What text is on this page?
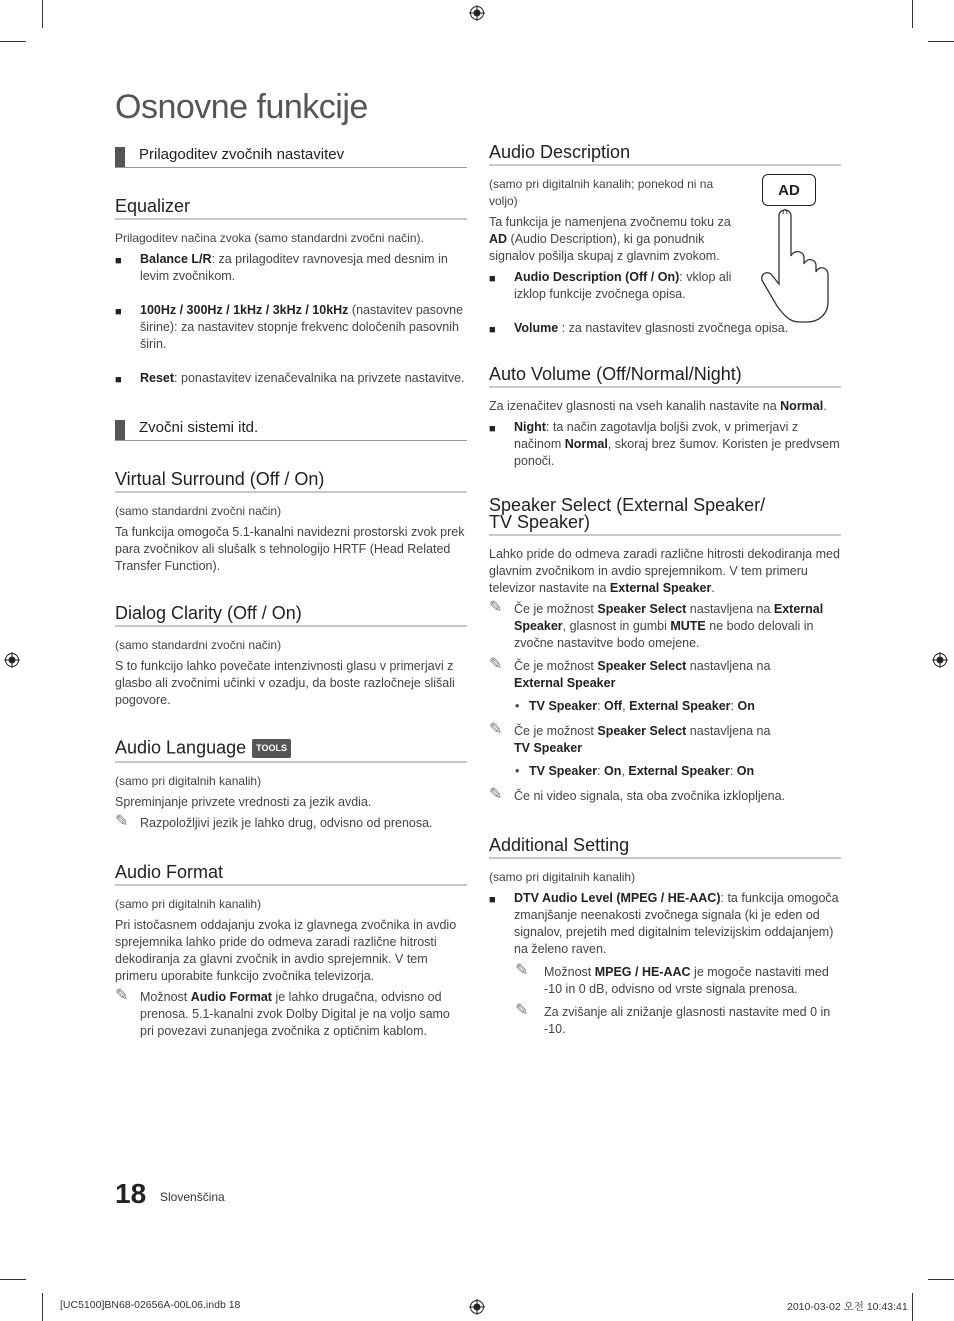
Osnovne funkcije
Prilagoditev zvočnih nastavitev
Equalizer

Prilagoditev načina zvoka (samo standardni zvočni način).

■ Balance L/R: za prilagoditev ravnovesja med desnim in levim zvočnikom.

■ 100Hz / 300Hz / 1kHz / 3kHz / 10kHz (nastavitev pasovne širine): za nastavitev stopnje frekvenc določenih pasovnih širin.

■ Reset: ponastavitev izenačevalnika na privzete nastavitve.

Zvočni sistemi itd.
Virtual Surround (Off / On)

(samo standardni zvočni način)

Ta funkcija omogoča 5.1-kanalni navidezni prostorski zvok prek para zvočnikov ali slušalk s tehnologijo HRTF (Head Related Transfer Function).

Dialog Clarity (Off / On)

(samo standardni zvočni način)

S to funkcijo lahko povečate intenzivnosti glasu v primerjavi z glasbo ali zvočnimi učinki v ozadju, da boste razločneje slišali pogovore.

Audio Language TOOLS

(samo pri digitalnih kanalih)

Spreminjanje privzete vrednosti za jezik avdia.

✎ Razpoložljivi jezik je lahko drug, odvisno od prenosa.

Audio Format

(samo pri digitalnih kanalih)

Pri istočasnem oddajanju zvoka iz glavnega zvočnika in avdio sprejemnika lahko pride do odmeva zaradi različne hitrosti dekodiranja za glavni zvočnik in avdio sprejemnik. V tem primeru uporabite funkcijo zvočnika televizorja.

✎ Možnost Audio Format je lahko drugačna, odvisno od prenosa. 5.1-kanalni zvok Dolby Digital je na voljo samo pri povezavi zunanjega zvočnika z optičnim kablom.

Audio Description

(samo pri digitalnih kanalih; ponekod ni na voljo)

Ta funkcija je namenjena zvočnemu toku za AD (Audio Description), ki ga ponudnik signalov pošilja skupaj z glavnim zvokom.

AD

■ Audio Description (Off / On): vklop ali izklop funkcije zvočnega opisa.

■ Volume : za nastavitev glasnosti zvočnega opisa.

Auto Volume (Off/Normal/Night)

Za izenačitev glasnosti na vseh kanalih nastavite na Normal.

■ Night: ta način zagotavlja boljši zvok, v primerjavi z načinom Normal, skoraj brez šumov. Koristen je predvsem ponoči.

Speaker Select (External Speaker/
TV Speaker)

Lahko pride do odmeva zaradi različne hitrosti dekodiranja med glavnim zvočnikom in avdio sprejemnikom. V tem primeru televizor nastavite na External Speaker.

✎ Če je možnost Speaker Select nastavljena na External Speaker, glasnost in gumbi MUTE ne bodo delovali in zvočne nastavitve bodo omejene.

✎ Če je možnost Speaker Select nastavljena na
External Speaker

• TV Speaker: Off, External Speaker: On

✎ Če je možnost Speaker Select nastavljena na
TV Speaker

• TV Speaker: On, External Speaker: On

✎ Če ni video signala, sta oba zvočnika izklopljena.

Additional Setting

(samo pri digitalnih kanalih)

■ DTV Audio Level (MPEG / HE-AAC): ta funkcija omogoča zmanjšanje neenakosti zvočnega signala (ki je eden od signalov, prejetih med digitalnim televizijskim oddajanjem) na želeno raven.

✎ Možnost MPEG / HE-AAC je mogoče nastaviti med -10 in 0 dB, odvisno od vrste signala prenosa.

✎ Za zvišanje ali znižanje glasnosti nastavite med 0 in -10.

18 Slovenščina
[UC5100]BN68-02656A-00L06.indb 18	2010-03-02 오전 10:43:41
